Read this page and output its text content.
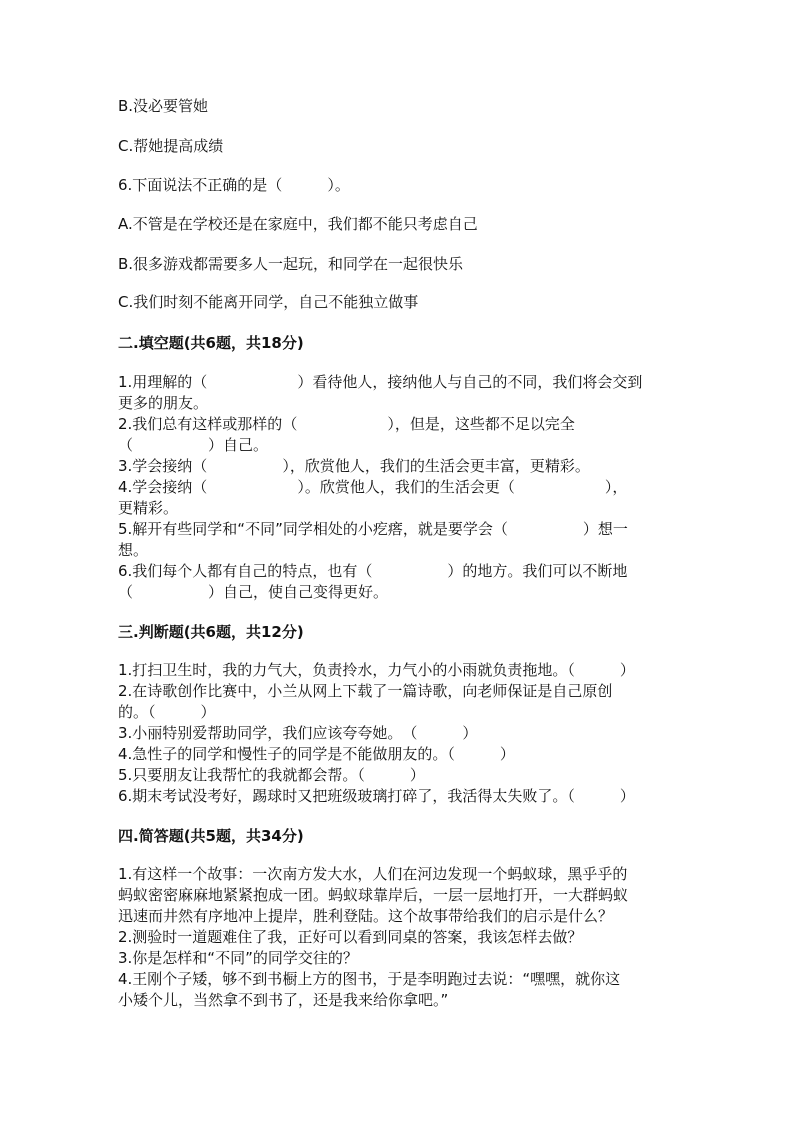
B.没必要管她
C.帮她提高成绩
6.下面说法不正确的是（　　　）。
A.不管是在学校还是在家庭中，我们都不能只考虑自己
B.很多游戏都需要多人一起玩，和同学在一起很快乐
C.我们时刻不能离开同学，自己不能独立做事
二.填空题(共6题，共18分)
1.用理解的（　　　　　　）看待他人，接纳他人与自己的不同，我们将会交到
更多的朋友。
2.我们总有这样或那样的（　　　　　　），但是，这些都不足以完全
（　　　　　）自己。
3.学会接纳（　　　　　），欣赏他人，我们的生活会更丰富，更精彩。
4.学会接纳（　　　　　　）。欣赏他人，我们的生活会更（　　　　　　），
更精彩。
5.解开有些同学和“不同”同学相处的小疙瘩，就是要学会（　　　　　）想一
想。
6.我们每个人都有自己的特点，也有（　　　　　）的地方。我们可以不断地
（　　　　　）自己，使自己变得更好。
三.判断题(共6题，共12分)
1.打扫卫生时，我的力气大，负责拎水，力气小的小雨就负责拖地。（　　　）
2.在诗歌创作比赛中，小兰从网上下载了一篇诗歌，向老师保证是自己原创
的。（　　　）
3.小丽特别爱帮助同学，我们应该夸夸她。　（　　　）
4.急性子的同学和慢性子的同学是不能做朋友的。（　　　）
5.只要朋友让我帮忙的我就都会帮。（　　　）
6.期末考试没考好，踢球时又把班级玻璃打碎了，我活得太失败了。（　　　）
四.简答题(共5题，共34分)
1.有这样一个故事：一次南方发大水，人们在河边发现一个蚂蚁球，黑乎乎的
蚂蚁密密麻麻地紧紧抱成一团。蚂蚁球靠岸后，一层一层地打开，一大群蚂蚁
迅速而井然有序地冲上提岸，胜利登陆。这个故事带给我们的启示是什么？
2.测验时一道题难住了我，正好可以看到同桌的答案，我该怎样去做？
3.你是怎样和“不同”的同学交往的？
4.王刚个子矮，够不到书橱上方的图书，于是李明跑过去说：“嘿嘿，就你这
小矮个儿，当然拿不到书了，还是我来给你拿吧。”
